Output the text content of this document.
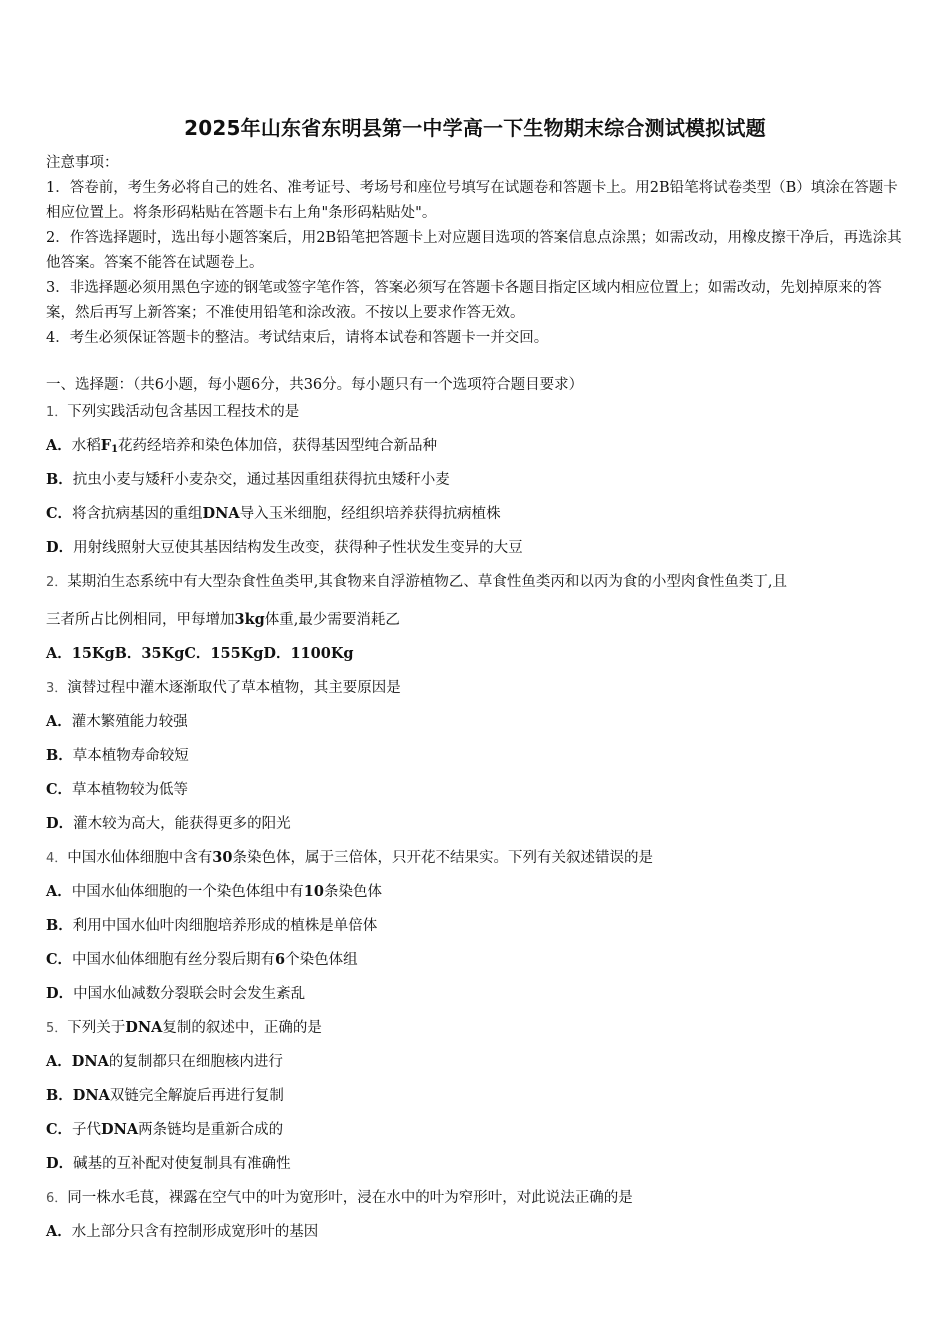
2025年山东省东明县第一中学高一下生物期末综合测试模拟试题

注意事项：

1．答卷前，考生务必将自己的姓名、准考证号、考场号和座位号填写在试题卷和答题卡上。用2B铅笔将试卷类型（B）填涂在答题卡相应位置上。将条形码粘贴在答题卡右上角"条形码粘贴处"。

2．作答选择题时，选出每小题答案后，用2B铅笔把答题卡上对应题目选项的答案信息点涂黑；如需改动，用橡皮擦干净后，再选涂其他答案。答案不能答在试题卷上。

3．非选择题必须用黑色字迹的钢笔或签字笔作答，答案必须写在答题卡各题目指定区域内相应位置上；如需改动，先划掉原来的答案，然后再写上新答案；不准使用铅笔和涂改液。不按以上要求作答无效。

4．考生必须保证答题卡的整洁。考试结束后，请将本试卷和答题卡一并交回。

一、选择题：（共6小题，每小题6分，共36分。每小题只有一个选项符合题目要求）
1．下列实践活动包含基因工程技术的是
A．水稻$F_1$花药经培养和染色体加倍，获得基因型纯合新品种
B．抗虫小麦与矮秆小麦杂交，通过基因重组获得抗虫矮秆小麦
C．将含抗病基因的重组DNA导入玉米细胞，经组织培养获得抗病植株
D．用射线照射大豆使其基因结构发生改变，获得种子性状发生变异的大豆
2．某期泊生态系统中有大型杂食性鱼类甲,其食物来自浮游植物乙、草食性鱼类丙和以丙为食的小型肉食性鱼类丁,且
三者所占比例相同，甲每增加3kg体重,最少需要消耗乙
A．15KgB．35KgC．155KgD．1100Kg
3．演替过程中灌木逐渐取代了草本植物，其主要原因是
A．灌木繁殖能力较强
B．草本植物寿命较短
C．草本植物较为低等
D．灌木较为高大，能获得更多的阳光
4．中国水仙体细胞中含有30条染色体，属于三倍体，只开花不结果实。下列有关叙述错误的是
A．中国水仙体细胞的一个染色体组中有10条染色体
B．利用中国水仙叶肉细胞培养形成的植株是单倍体
C．中国水仙体细胞有丝分裂后期有6个染色体组
D．中国水仙减数分裂联会时会发生紊乱
5．下列关于DNA复制的叙述中，正确的是
A．DNA的复制都只在细胞核内进行
B．DNA双链完全解旋后再进行复制
C．子代DNA两条链均是重新合成的
D．碱基的互补配对使复制具有准确性
6．同一株水毛茛，裸露在空气中的叶为宽形叶，浸在水中的叶为窄形叶，对此说法正确的是
A．水上部分只含有控制形成宽形叶的基因
